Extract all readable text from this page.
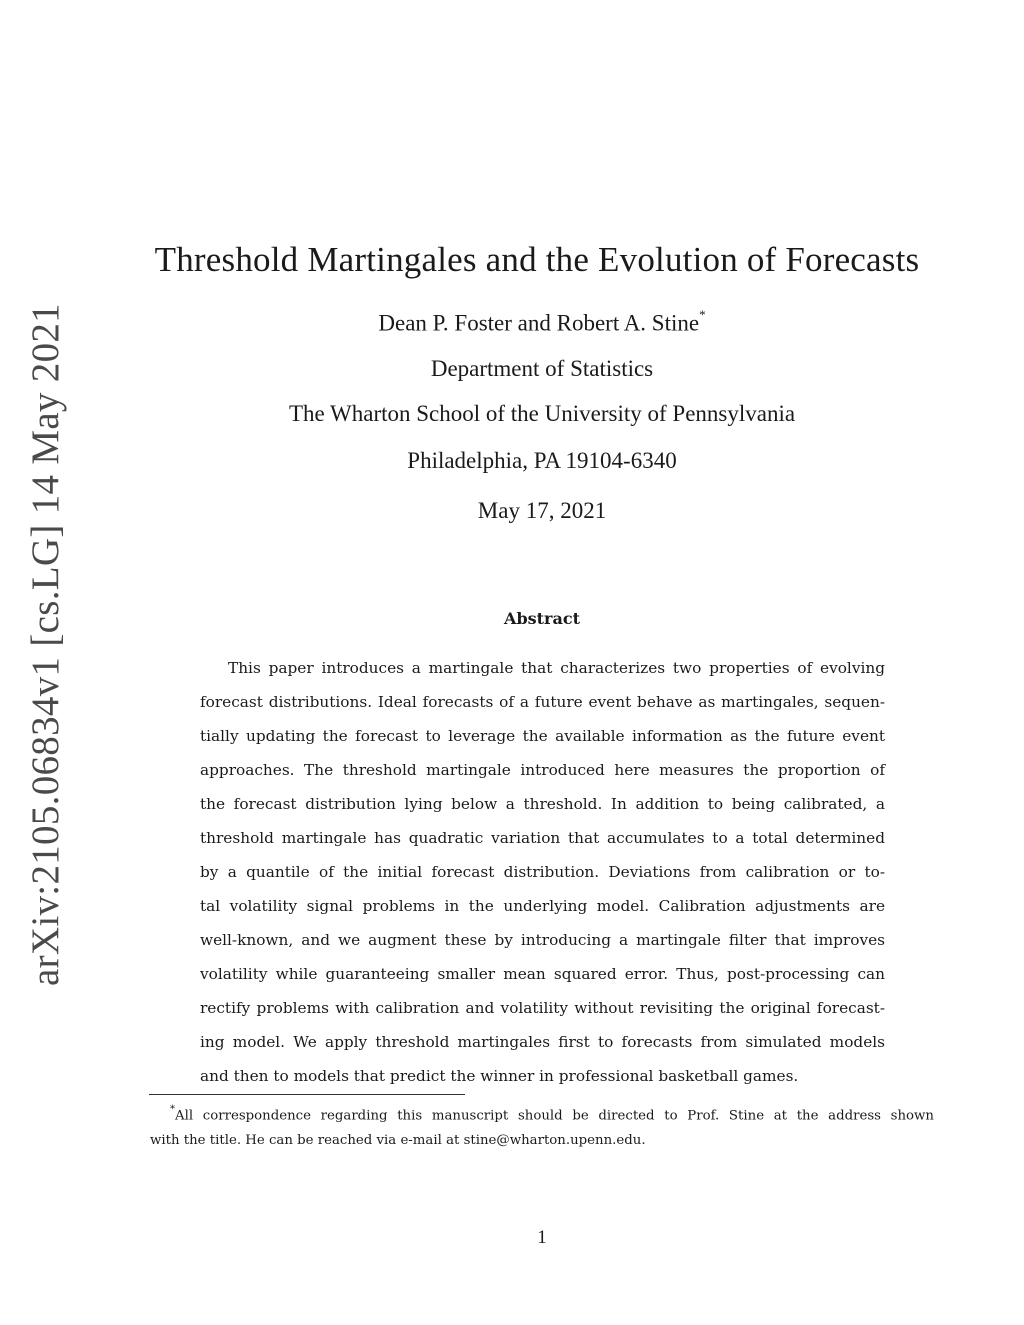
arXiv:2105.06834v1 [cs.LG] 14 May 2021
Threshold Martingales and the Evolution of Forecasts
Dean P. Foster and Robert A. Stine*
Department of Statistics
The Wharton School of the University of Pennsylvania
Philadelphia, PA 19104-6340
May 17, 2021
Abstract
This paper introduces a martingale that characterizes two properties of evolving
forecast distributions. Ideal forecasts of a future event behave as martingales, sequen-
tially updating the forecast to leverage the available information as the future event
approaches. The threshold martingale introduced here measures the proportion of
the forecast distribution lying below a threshold. In addition to being calibrated, a
threshold martingale has quadratic variation that accumulates to a total determined
by a quantile of the initial forecast distribution. Deviations from calibration or to-
tal volatility signal problems in the underlying model. Calibration adjustments are
well-known, and we augment these by introducing a martingale filter that improves
volatility while guaranteeing smaller mean squared error. Thus, post-processing can
rectify problems with calibration and volatility without revisiting the original forecast-
ing model. We apply threshold martingales first to forecasts from simulated models
and then to models that predict the winner in professional basketball games.
*All correspondence regarding this manuscript should be directed to Prof. Stine at the address shown
with the title. He can be reached via e-mail at stine@wharton.upenn.edu.
1
